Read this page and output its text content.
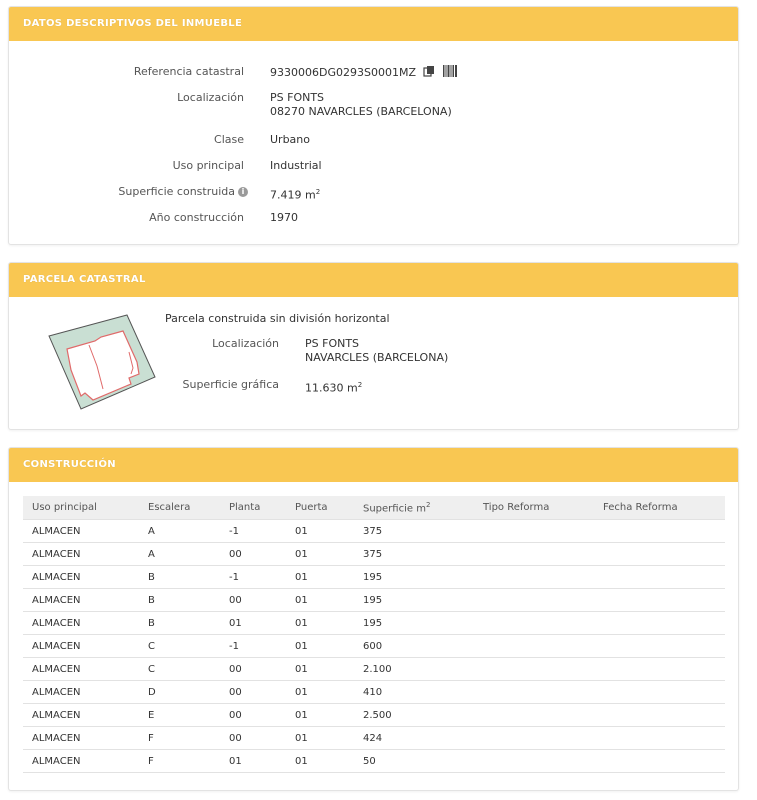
DATOS DESCRIPTIVOS DEL INMUEBLE
Referencia catastral 9330006DG0293S0001MZ
Localización PS FONTS
08270 NAVARCLES (BARCELONA)
Clase Urbano
Uso principal Industrial
Superficie construida i	7.419 $m^2$
Año construcción 1970
PARCELA CATASTRAL
Parcela construida sin división horizontal
Localización PS FONTS
NAVARCLES (BARCELONA)
Superficie gráfica 11.630 $m^2$
CONSTRUCCIÓN
Uso principal	Escalera	Planta	Puerta	Superficie $m^2$	Tipo Reforma	Fecha Reforma
ALMACEN	A	-1	01	375		
ALMACEN	A	00	01	375		
ALMACEN	B	-1	01	195		
ALMACEN	B	00	01	195		
ALMACEN	B	01	01	195		
ALMACEN	C	-1	01	600		
ALMACEN	C	00	01	2.100		
ALMACEN	D	00	01	410		
ALMACEN	E	00	01	2.500		
ALMACEN	F	00	01	424		
ALMACEN	F	01	01	50		
